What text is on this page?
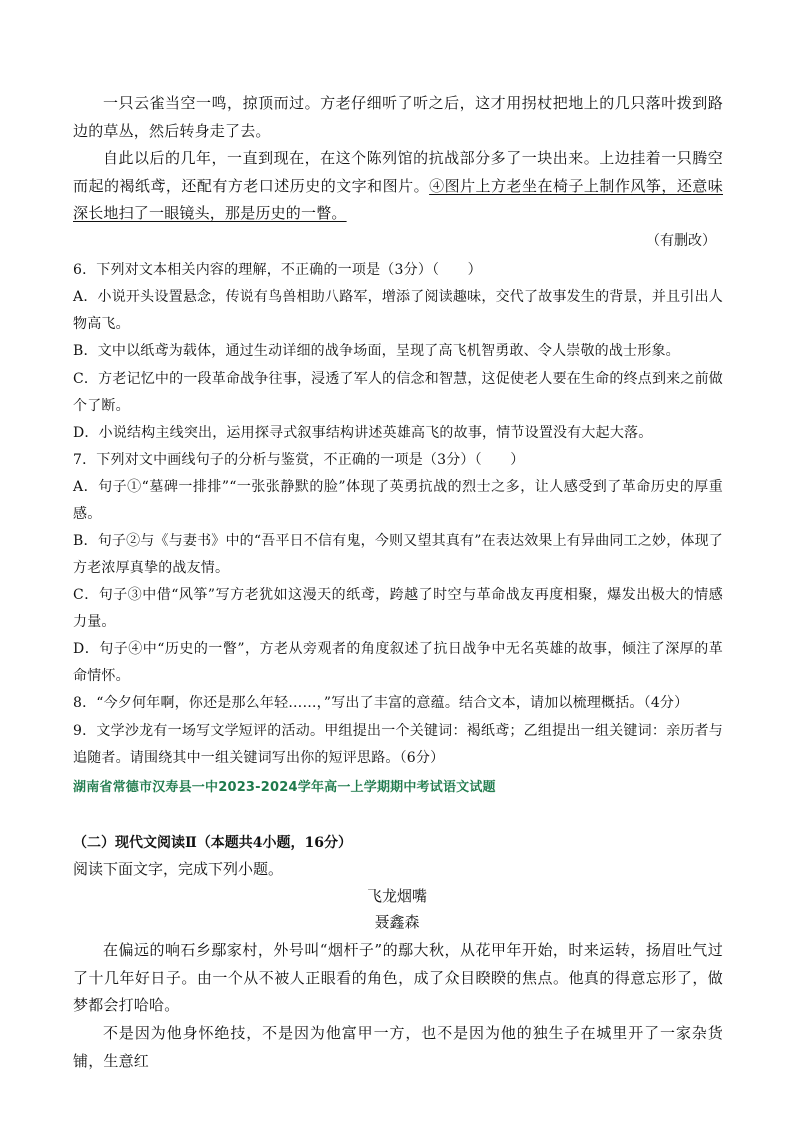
一只云雀当空一鸣，掠顶而过。方老仔细听了听之后，这才用拐杖把地上的几只落叶拨到路边的草丛，然后转身走了去。

自此以后的几年，一直到现在，在这个陈列馆的抗战部分多了一块出来。上边挂着一只腾空而起的褐纸鸢，还配有方老口述历史的文字和图片。④图片上方老坐在椅子上制作风筝，还意味深长地扫了一眼镜头，那是历史的一瞥。

（有删改）

6．下列对文本相关内容的理解，不正确的一项是（3分）（　　）

A．小说开头设置悬念，传说有鸟兽相助八路军，增添了阅读趣味，交代了故事发生的背景，并且引出人物高飞。

B．文中以纸鸢为载体，通过生动详细的战争场面，呈现了高飞机智勇敢、令人崇敬的战士形象。

C．方老记忆中的一段革命战争往事，浸透了军人的信念和智慧，这促使老人要在生命的终点到来之前做个了断。

D．小说结构主线突出，运用探寻式叙事结构讲述英雄高飞的故事，情节设置没有大起大落。

7．下列对文中画线句子的分析与鉴赏，不正确的一项是（3分）（　　）

A．句子①“墓碑一排排”“一张张静默的脸”体现了英勇抗战的烈士之多，让人感受到了革命历史的厚重感。

B．句子②与《与妻书》中的“吾平日不信有鬼，今则又望其真有”在表达效果上有异曲同工之妙，体现了方老浓厚真挚的战友情。

C．句子③中借“风筝”写方老犹如这漫天的纸鸢，跨越了时空与革命战友再度相聚，爆发出极大的情感力量。

D．句子④中“历史的一瞥”，方老从旁观者的角度叙述了抗日战争中无名英雄的故事，倾注了深厚的革命情怀。

8．“今夕何年啊，你还是那么年轻……，”写出了丰富的意蕴。结合文本，请加以梳理概括。（4分）

9．文学沙龙有一场写文学短评的活动。甲组提出一个关键词：褐纸鸢；乙组提出一组关键词：亲历者与追随者。请围绕其中一组关键词写出你的短评思路。（6分）

湖南省常德市汉寿县一中2023-2024学年高一上学期期中考试语文试题
（二）现代文阅读Ⅱ（本题共4小题，16分）
阅读下面文字，完成下列小题。
飞龙烟嘴
聂鑫森

在偏远的响石乡鄢家村，外号叫“烟杆子”的鄢大秋，从花甲年开始，时来运转，扬眉吐气过了十几年好日子。由一个从不被人正眼看的角色，成了众目睽睽的焦点。他真的得意忘形了，做梦都会打哈哈。

不是因为他身怀绝技，不是因为他富甲一方，也不是因为他的独生子在城里开了一家杂货铺，生意红
